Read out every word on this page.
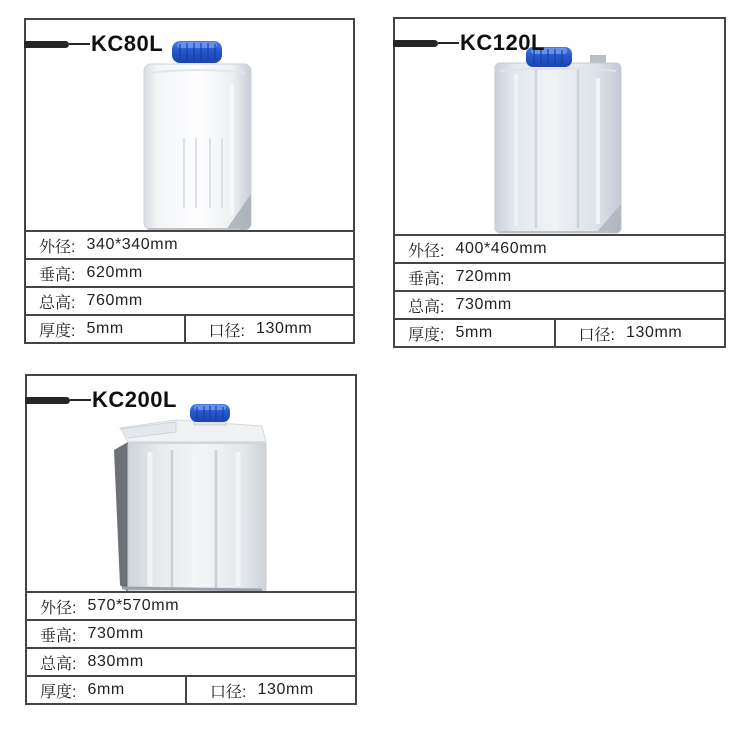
KC80L
外径: 340*340mm
垂高: 620mm
总高: 760mm
厚度: 5mm	口径: 130mm
KC120L
外径: 400*460mm
垂高: 720mm
总高: 730mm
厚度: 5mm	口径: 130mm
KC200L
外径: 570*570mm
垂高: 730mm
总高: 830mm
厚度: 6mm	口径: 130mm
